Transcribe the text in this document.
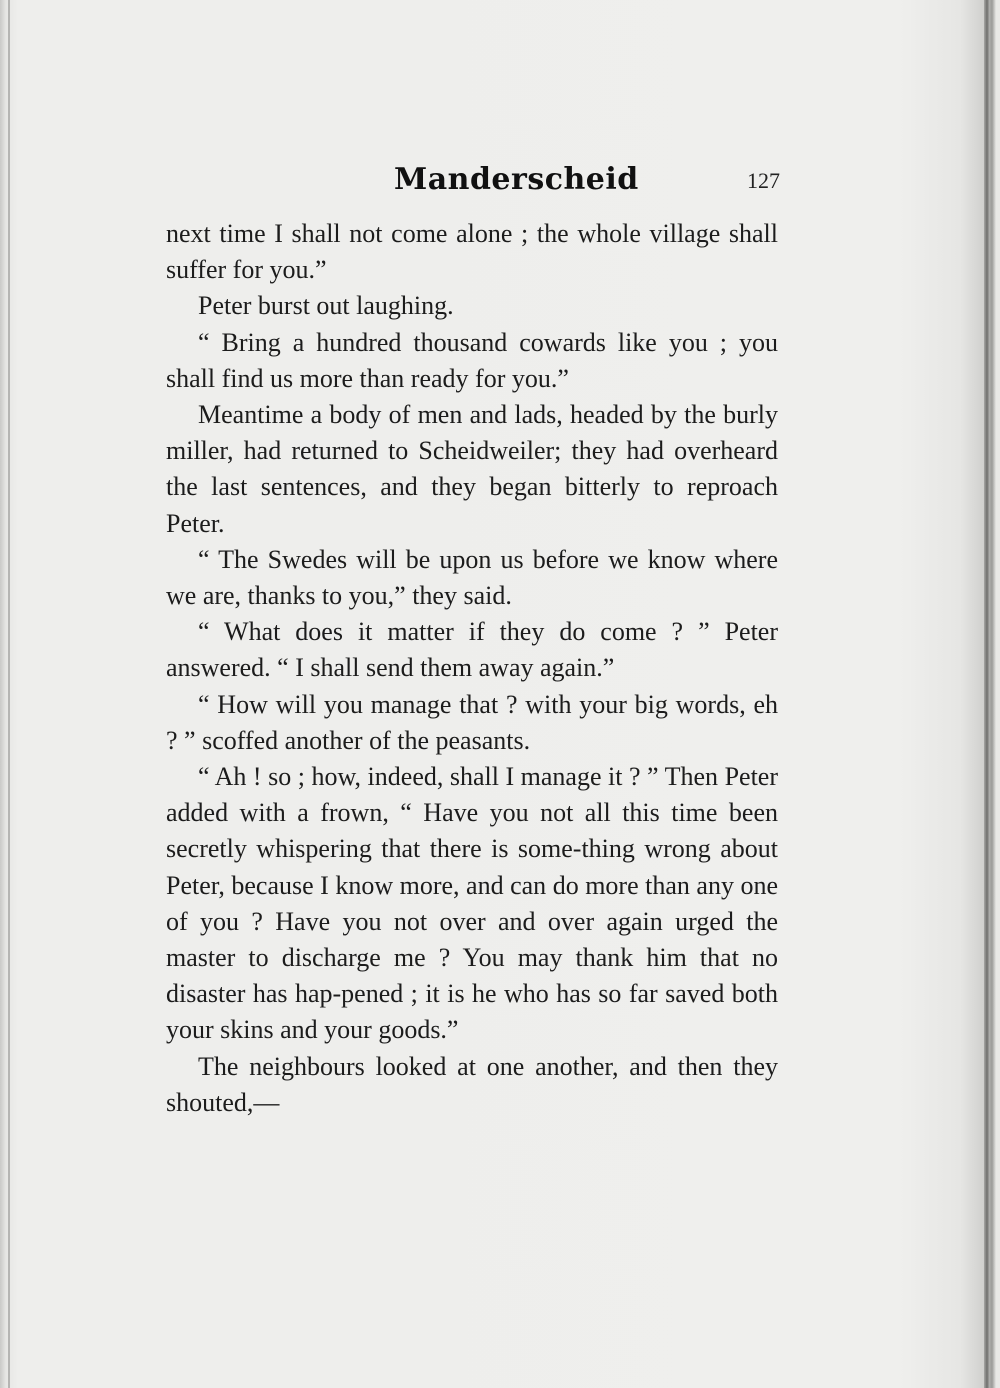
Manderscheid	127

next time I shall not come alone ; the whole village shall suffer for you.”

Peter burst out laughing.

“ Bring a hundred thousand cowards like you ; you shall find us more than ready for you.”

Meantime a body of men and lads, headed by the burly miller, had returned to Scheidweiler; they had overheard the last sentences, and they began bitterly to reproach Peter.

“ The Swedes will be upon us before we know where we are, thanks to you,” they said.

“ What does it matter if they do come ? ” Peter answered. “ I shall send them away again.”

“ How will you manage that ? with your big words, eh ? ” scoffed another of the peasants.

“ Ah ! so ; how, indeed, shall I manage it ? ” Then Peter added with a frown, “ Have you not all this time been secretly whispering that there is some-thing wrong about Peter, because I know more, and can do more than any one of you ? Have you not over and over again urged the master to discharge me ? You may thank him that no disaster has hap-pened ; it is he who has so far saved both your skins and your goods.”

The neighbours looked at one another, and then they shouted,—
